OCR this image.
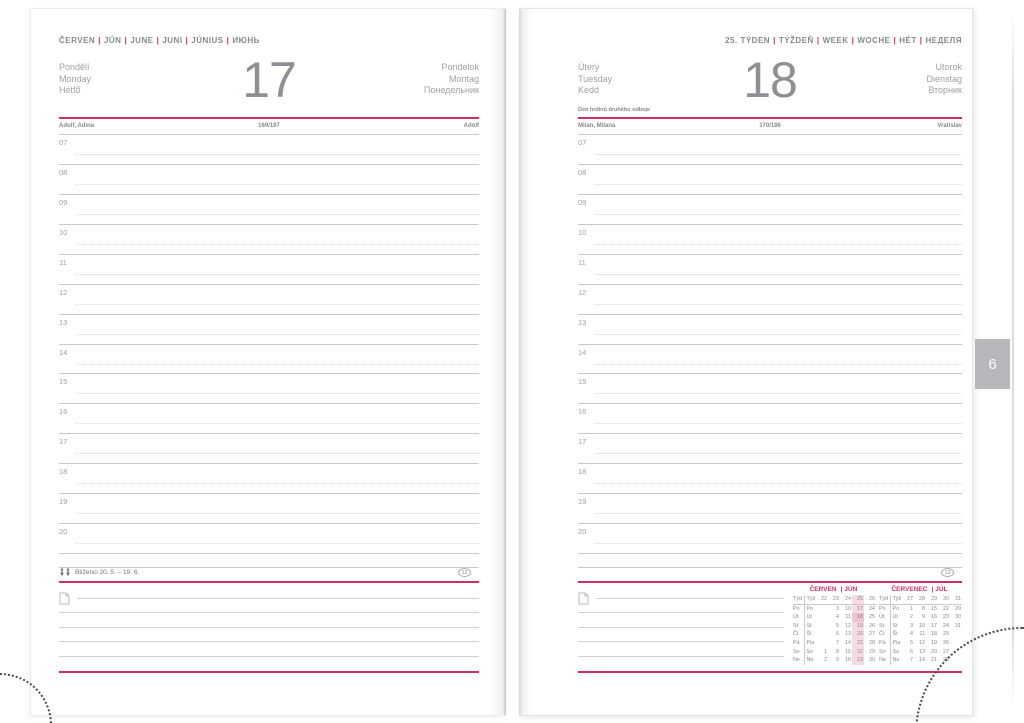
ČERVEN | JÚN | JUNE | JUNI | JÚNIUS | ИЮНЬ
Pondělí
Monday
Hétfő	17	Pondelok
Montag
Понедельник
Adolf, Adina	169/197	Adolf
07
08
09
10
11
12
13
14
15
16
17
18
19
20
Blíženci 20. 5. – 19. 6.	12
25. TÝDEN | TÝŽDEŇ | WEEK | WOCHE | HÉT | НЕДЕЛЯ
Úterý
Tuesday
Kedd	18	Utorok
Dienstag
Вторник
Den hrdinů druhého odboje
Milan, Milana	170/196	Vratislav
07
08
09
10
11
12
13
14
15
16
17
18
19
20
13
ČERVEN | JÚN
Týd	Týž	22	23	24	25	26
Po	Po		3	10	17	24
Út	Ut		4	11	18	25
St	St		5	12	19	26
Čt	Št		6	13	20	27
Pá	Pia		7	14	21	28
So	So	1	8	15	22	29
Ne	Ne	2	9	16	23	30
ČERVENEC | JÚL
Týd	Týž	27	28	29	30	31
Po	Po	1	8	15	22	29
Út	Ut	2	9	16	23	30
St	St	3	10	17	24	31
Čt	Št	4	11	18	25	
Pá	Pia	5	12	19	26	
So	So	6	13	20	27	
Ne	Ne	7	14	21	28	
6
